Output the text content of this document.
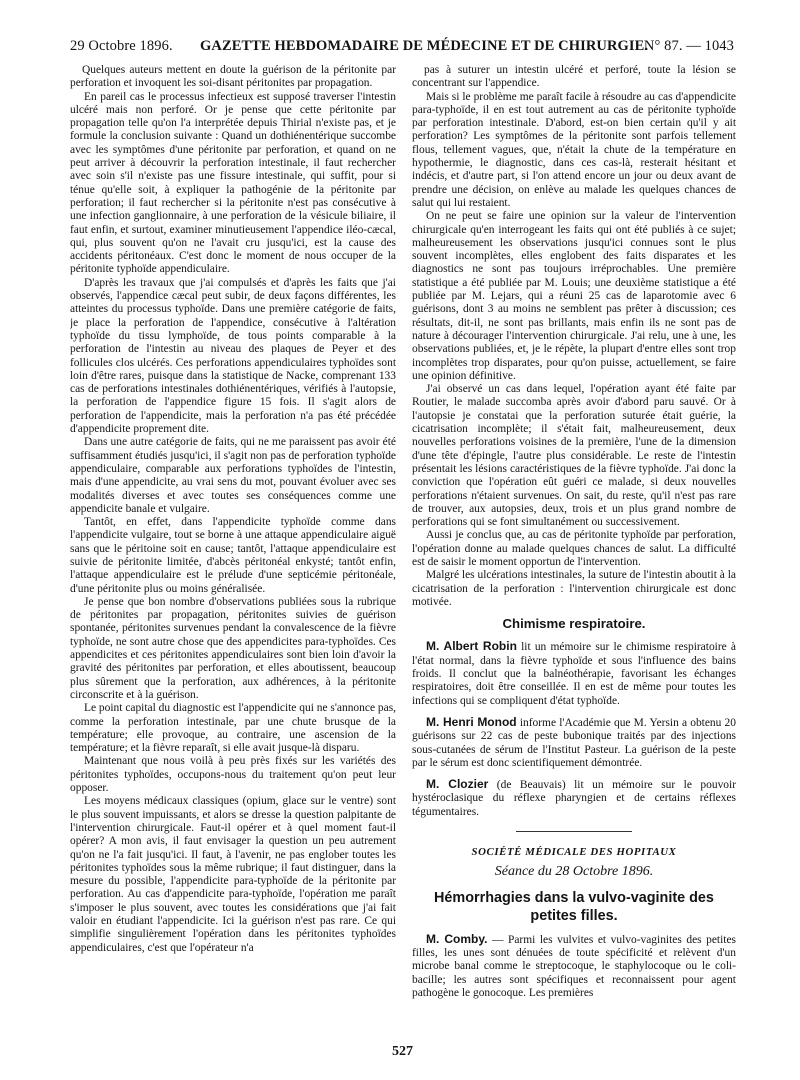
29 Octobre 1896. GAZETTE HEBDOMADAIRE DE MÉDECINE ET DE CHIRURGIE.
N° 87. — 1043

Quelques auteurs mettent en doute la guérison de la péritonite par perforation et invoquent les soi-disant péritonites par propagation.

En pareil cas le processus infectieux est supposé traverser l'intestin ulcéré mais non perforé. Or je pense que cette péritonite par propagation telle qu'on l'a interprétée depuis Thirial n'existe pas, et je formule la conclusion suivante : Quand un dothiénentérique succombe avec les symptômes d'une péritonite par perforation, et quand on ne peut arriver à découvrir la perforation intestinale, il faut rechercher avec soin s'il n'existe pas une fissure intestinale, qui suffit, pour si ténue qu'elle soit, à expliquer la pathogénie de la péritonite par perforation; il faut rechercher si la péritonite n'est pas consécutive à une infection ganglionnaire, à une perforation de la vésicule biliaire, il faut enfin, et surtout, examiner minutieusement l'appendice iléo-cæcal, qui, plus souvent qu'on ne l'avait cru jusqu'ici, est la cause des accidents péritonéaux. C'est donc le moment de nous occuper de la péritonite typhoïde appendiculaire.

D'après les travaux que j'ai compulsés et d'après les faits que j'ai observés, l'appendice cæcal peut subir, de deux façons différentes, les atteintes du processus typhoïde. Dans une première catégorie de faits, je place la perforation de l'appendice, consécutive à l'altération typhoïde du tissu lymphoïde, de tous points comparable à la perforation de l'intestin au niveau des plaques de Peyer et des follicules clos ulcérés. Ces perforations appendiculaires typhoïdes sont loin d'être rares, puisque dans la statistique de Nacke, comprenant 133 cas de perforations intestinales dothiénentériques, vérifiés à l'autopsie, la perforation de l'appendice figure 15 fois. Il s'agit alors de perforation de l'appendicite, mais la perforation n'a pas été précédée d'appendicite proprement dite.

Dans une autre catégorie de faits, qui ne me paraissent pas avoir été suffisamment étudiés jusqu'ici, il s'agit non pas de perforation typhoïde appendiculaire, comparable aux perforations typhoïdes de l'intestin, mais d'une appendicite, au vrai sens du mot, pouvant évoluer avec ses modalités diverses et avec toutes ses conséquences comme une appendicite banale et vulgaire.

Tantôt, en effet, dans l'appendicite typhoïde comme dans l'appendicite vulgaire, tout se borne à une attaque appendiculaire aiguë sans que le péritoine soit en cause; tantôt, l'attaque appendiculaire est suivie de péritonite limitée, d'abcès péritonéal enkysté; tantôt enfin, l'attaque appendiculaire est le prélude d'une septicémie péritonéale, d'une péritonite plus ou moins généralisée.

Je pense que bon nombre d'observations publiées sous la rubrique de péritonites par propagation, péritonites suivies de guérison spontanée, péritonites survenues pendant la convalescence de la fièvre typhoïde, ne sont autre chose que des appendicites para-typhoïdes. Ces appendicites et ces péritonites appendiculaires sont bien loin d'avoir la gravité des péritonites par perforation, et elles aboutissent, beaucoup plus sûrement que la perforation, aux adhérences, à la péritonite circonscrite et à la guérison.

Le point capital du diagnostic est l'appendicite qui ne s'annonce pas, comme la perforation intestinale, par une chute brusque de la température; elle provoque, au contraire, une ascension de la température; et la fièvre reparaît, si elle avait jusque-là disparu.

Maintenant que nous voilà à peu près fixés sur les variétés des péritonites typhoïdes, occupons-nous du traitement qu'on peut leur opposer.

Les moyens médicaux classiques (opium, glace sur le ventre) sont le plus souvent impuissants, et alors se dresse la question palpitante de l'intervention chirurgicale. Faut-il opérer et à quel moment faut-il opérer? A mon avis, il faut envisager la question un peu autrement qu'on ne l'a fait jusqu'ici. Il faut, à l'avenir, ne pas englober toutes les péritonites typhoïdes sous la même rubrique; il faut distinguer, dans la mesure du possible, l'appendicite para-typhoïde de la péritonite par perforation. Au cas d'appendicite para-typhoïde, l'opération me paraît s'imposer le plus souvent, avec toutes les considérations que j'ai fait valoir en étudiant l'appendicite. Ici la guérison n'est pas rare. Ce qui simplifie singulièrement l'opération dans les péritonites typhoïdes appendiculaires, c'est que l'opérateur n'a

pas à suturer un intestin ulcéré et perforé, toute la lésion se concentrant sur l'appendice.

Mais si le problème me paraît facile à résoudre au cas d'appendicite para-typhoïde, il en est tout autrement au cas de péritonite typhoïde par perforation intestinale. D'abord, est-on bien certain qu'il y ait perforation? Les symptômes de la péritonite sont parfois tellement flous, tellement vagues, que, n'était la chute de la température en hypothermie, le diagnostic, dans ces cas-là, resterait hésitant et indécis, et d'autre part, si l'on attend encore un jour ou deux avant de prendre une décision, on enlève au malade les quelques chances de salut qui lui restaient.

On ne peut se faire une opinion sur la valeur de l'intervention chirurgicale qu'en interrogeant les faits qui ont été publiés à ce sujet; malheureusement les observations jusqu'ici connues sont le plus souvent incomplètes, elles englobent des faits disparates et les diagnostics ne sont pas toujours irréprochables. Une première statistique a été publiée par M. Louis; une deuxième statistique a été publiée par M. Lejars, qui a réuni 25 cas de laparotomie avec 6 guérisons, dont 3 au moins ne semblent pas prêter à discussion; ces résultats, dit-il, ne sont pas brillants, mais enfin ils ne sont pas de nature à décourager l'intervention chirurgicale. J'ai relu, une à une, les observations publiées, et, je le répète, la plupart d'entre elles sont trop incomplètes trop disparates, pour qu'on puisse, actuellement, se faire une opinion définitive.

J'ai observé un cas dans lequel, l'opération ayant été faite par Routier, le malade succomba après avoir d'abord paru sauvé. Or à l'autopsie je constatai que la perforation suturée était guérie, la cicatrisation incomplète; il s'était fait, malheureusement, deux nouvelles perforations voisines de la première, l'une de la dimension d'une tête d'épingle, l'autre plus considérable. Le reste de l'intestin présentait les lésions caractéristiques de la fièvre typhoïde. J'ai donc la conviction que l'opération eût guéri ce malade, si deux nouvelles perforations n'étaient survenues. On sait, du reste, qu'il n'est pas rare de trouver, aux autopsies, deux, trois et un plus grand nombre de perforations qui se font simultanément ou successivement.

Aussi je conclus que, au cas de péritonite typhoïde par perforation, l'opération donne au malade quelques chances de salut. La difficulté est de saisir le moment opportun de l'intervention.

Malgré les ulcérations intestinales, la suture de l'intestin aboutit à la cicatrisation de la perforation : l'intervention chirurgicale est donc motivée.

Chimisme respiratoire.

M. Albert Robin lit un mémoire sur le chimisme respiratoire à l'état normal, dans la fièvre typhoïde et sous l'influence des bains froids. Il conclut que la balnéothérapie, favorisant les échanges respiratoires, doit être conseillée. Il en est de même pour toutes les infections qui se compliquent d'état typhoïde.

M. Henri Monod informe l'Académie que M. Yersin a obtenu 20 guérisons sur 22 cas de peste bubonique traités par des injections sous-cutanées de sérum de l'Institut Pasteur. La guérison de la peste par le sérum est donc scientifiquement démontrée.

M. Clozier (de Beauvais) lit un mémoire sur le pouvoir hystéroclasique du réflexe pharyngien et de certains réflexes tégumentaires.

SOCIÉTÉ MÉDICALE DES HOPITAUX
Séance du 28 Octobre 1896.
Hémorrhagies dans la vulvo-vaginite des petites filles.

M. Comby. — Parmi les vulvites et vulvo-vaginites des petites filles, les unes sont dénuées de toute spécificité et relèvent d'un microbe banal comme le streptocoque, le staphylocoque ou le coli-bacille; les autres sont spécifiques et reconnaissent pour agent pathogène le gonocoque. Les premières

527
